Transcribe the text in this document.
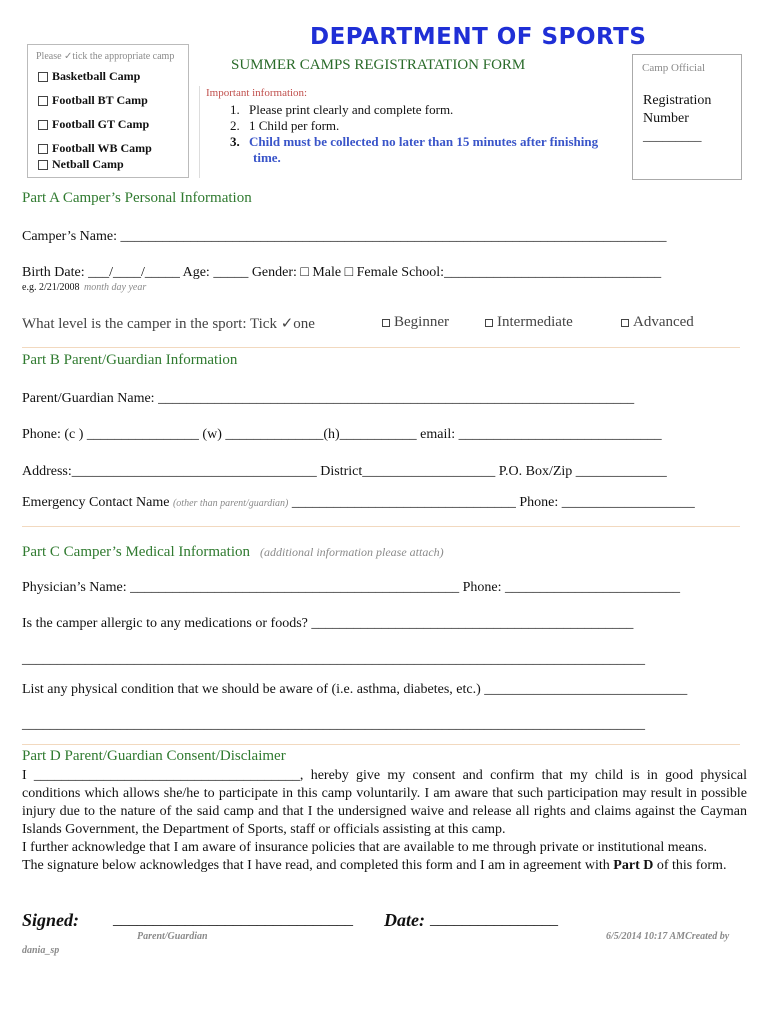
DEPARTMENT OF SPORTS
Please ✓tick the appropriate camp
Basketball Camp
Football BT Camp
Football GT Camp
Football WB Camp
Netball Camp
SUMMER CAMPS REGISTRATATION FORM
Important information:
1. Please print clearly and complete form.
2. 1 Child per form.
3. Child must be collected no later than 15 minutes after finishing
time.
Camp Official
Registration
Number
_________
Part A Camper’s Personal Information
Camper’s Name: ______________________________________________________________________________
Birth Date: ___/____/_____ Age: _____ Gender: □ Male □ Female School:_______________________________
e.g. 2/21/2008 month day year
What level is the camper in the sport: Tick ✓one	Beginner	Intermediate	Advanced
Part B Parent/Guardian Information
Parent/Guardian Name: ____________________________________________________________________
Phone: (c ) ________________ (w) ______________(h)___________ email: _____________________________
Address:___________________________________ District___________________ P.O. Box/Zip _____________
Emergency Contact Name (other than parent/guardian) ________________________________ Phone: ___________________
Part C Camper’s Medical Information (additional information please attach)
Physician’s Name: _______________________________________________ Phone: _________________________
Is the camper allergic to any medications or foods? ______________________________________________
_________________________________________________________________________________________
List any physical condition that we should be aware of (i.e. asthma, diabetes, etc.) _____________________________
_________________________________________________________________________________________
Part D Parent/Guardian Consent/Disclaimer
I ______________________________________, hereby give my consent and confirm that my child is in good physical conditions which allows she/he to participate in this camp voluntarily. I am aware that such participation may result in possible injury due to the nature of the said camp and that I the undersigned waive and release all rights and claims against the Cayman Islands Government, the Department of Sports, staff or officials assisting at this camp.
I further acknowledge that I am aware of insurance policies that are available to me through private or institutional means.
The signature below acknowledges that I have read, and completed this form and I am in agreement with Part D of this form.
Signed: ______________________________ Date: ________________
Parent/Guardian	6/5/2014 10:17 AMCreated by
dania_sp
